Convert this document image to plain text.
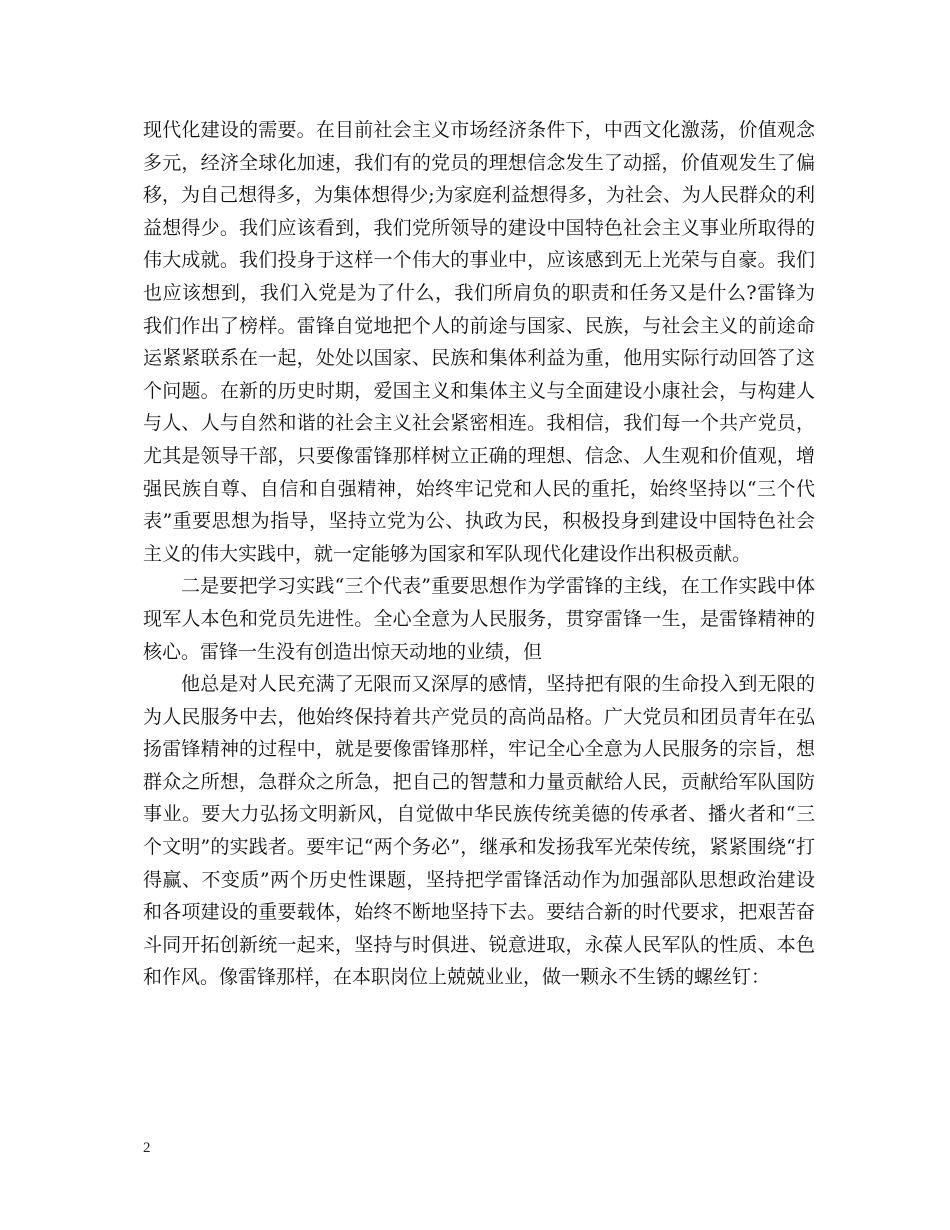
现代化建设的需要。在目前社会主义市场经济条件下，中西文化激荡，价值观念多元，经济全球化加速，我们有的党员的理想信念发生了动摇，价值观发生了偏移，为自己想得多，为集体想得少;为家庭利益想得多，为社会、为人民群众的利益想得少。我们应该看到，我们党所领导的建设中国特色社会主义事业所取得的伟大成就。我们投身于这样一个伟大的事业中，应该感到无上光荣与自豪。我们也应该想到，我们入党是为了什么，我们所肩负的职责和任务又是什么?雷锋为我们作出了榜样。雷锋自觉地把个人的前途与国家、民族，与社会主义的前途命运紧紧联系在一起，处处以国家、民族和集体利益为重，他用实际行动回答了这个问题。在新的历史时期，爱国主义和集体主义与全面建设小康社会，与构建人与人、人与自然和谐的社会主义社会紧密相连。我相信，我们每一个共产党员，尤其是领导干部，只要像雷锋那样树立正确的理想、信念、人生观和价值观，增强民族自尊、自信和自强精神，始终牢记党和人民的重托，始终坚持以“三个代表”重要思想为指导，坚持立党为公、执政为民，积极投身到建设中国特色社会主义的伟大实践中，就一定能够为国家和军队现代化建设作出积极贡献。

二是要把学习实践“三个代表”重要思想作为学雷锋的主线，在工作实践中体现军人本色和党员先进性。全心全意为人民服务，贯穿雷锋一生，是雷锋精神的核心。雷锋一生没有创造出惊天动地的业绩，但

他总是对人民充满了无限而又深厚的感情，坚持把有限的生命投入到无限的为人民服务中去，他始终保持着共产党员的高尚品格。广大党员和团员青年在弘扬雷锋精神的过程中，就是要像雷锋那样，牢记全心全意为人民服务的宗旨，想群众之所想，急群众之所急，把自己的智慧和力量贡献给人民，贡献给军队国防事业。要大力弘扬文明新风，自觉做中华民族传统美德的传承者、播火者和“三个文明”的实践者。要牢记“两个务必”，继承和发扬我军光荣传统，紧紧围绕“打得赢、不变质”两个历史性课题，坚持把学雷锋活动作为加强部队思想政治建设和各项建设的重要载体，始终不断地坚持下去。要结合新的时代要求，把艰苦奋斗同开拓创新统一起来，坚持与时俱进、锐意进取，永葆人民军队的性质、本色和作风。像雷锋那样，在本职岗位上兢兢业业，做一颗永不生锈的螺丝钉：

2
